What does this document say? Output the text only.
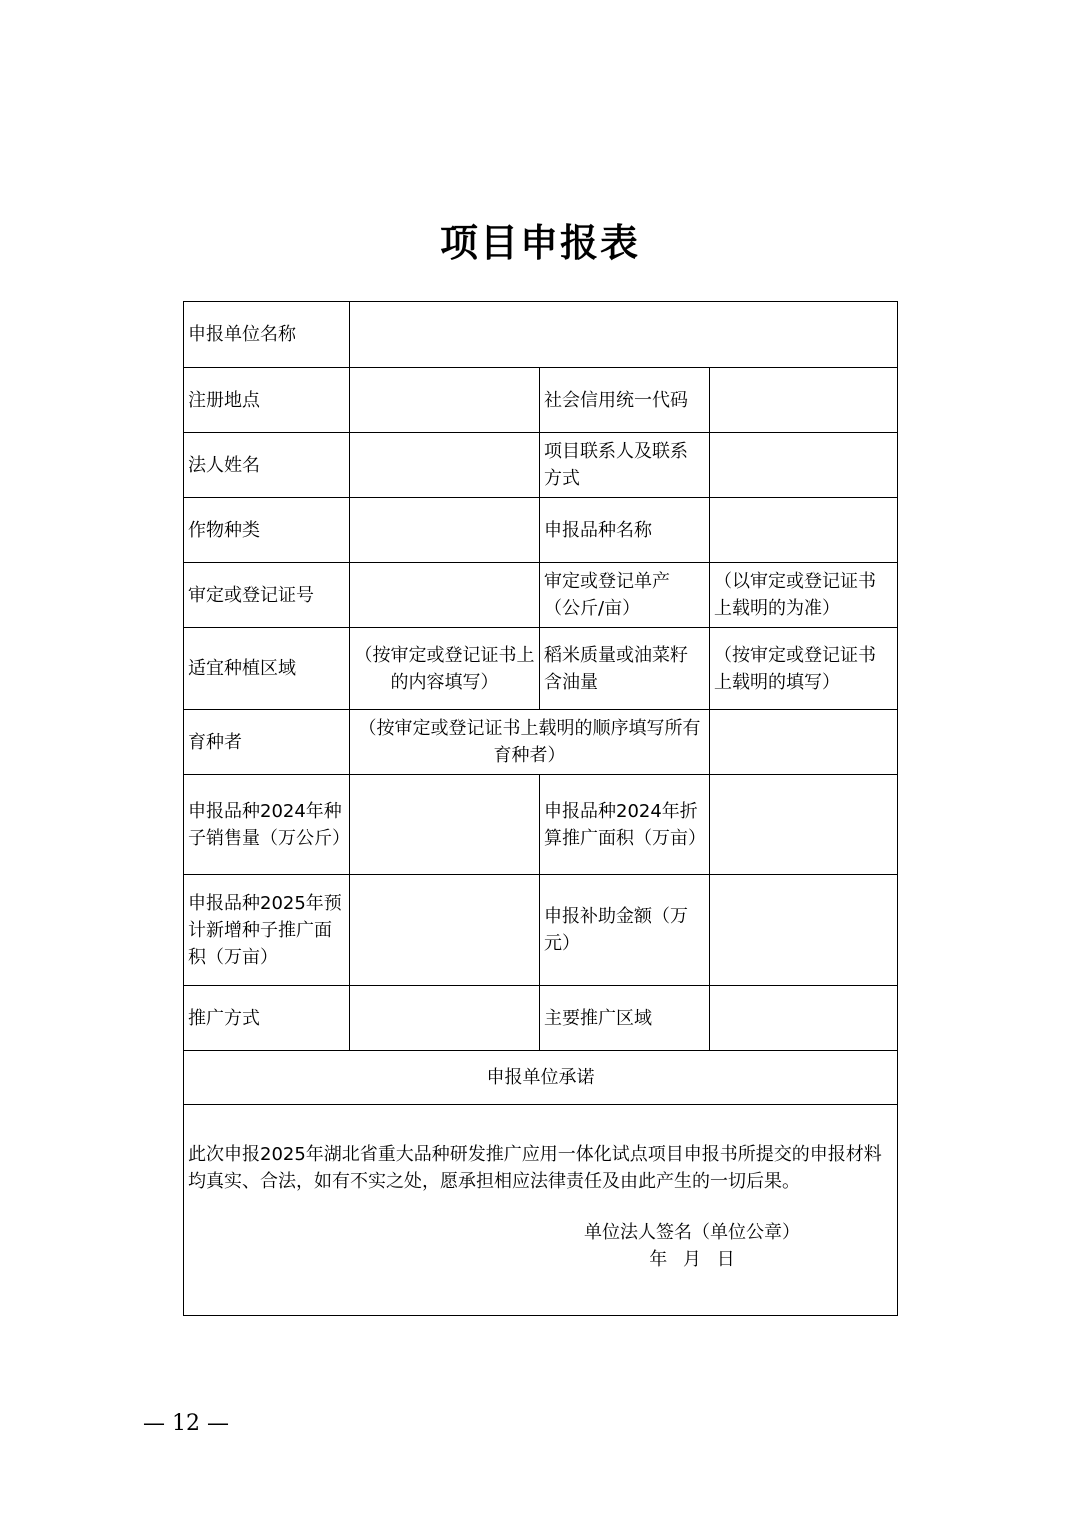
项目申报表
申报单位名称			
注册地点		社会信用统一代码	
法人姓名		项目联系人及联系方式	
作物种类		申报品种名称	
审定或登记证号		审定或登记单产（公斤/亩）	（以审定或登记证书上载明的为准）
适宜种植区域	（按审定或登记证书上的内容填写）	稻米质量或油菜籽含油量	（按审定或登记证书上载明的填写）
育种者	（按审定或登记证书上载明的顺序填写所有育种者）		
申报品种2024年种子销售量（万公斤）		申报品种2024年折算推广面积（万亩）	
申报品种2025年预计新增种子推广面积（万亩）		申报补助金额（万元）	
推广方式		主要推广区域	
申报单位承诺			

此次申报2025年湖北省重大品种研发推广应用一体化试点项目申报书所提交的申报材料均真实、合法，如有不实之处，愿承担相应法律责任及由此产生的一切后果。

单位法人签名（单位公章）
年 月 日			
— 12 —
